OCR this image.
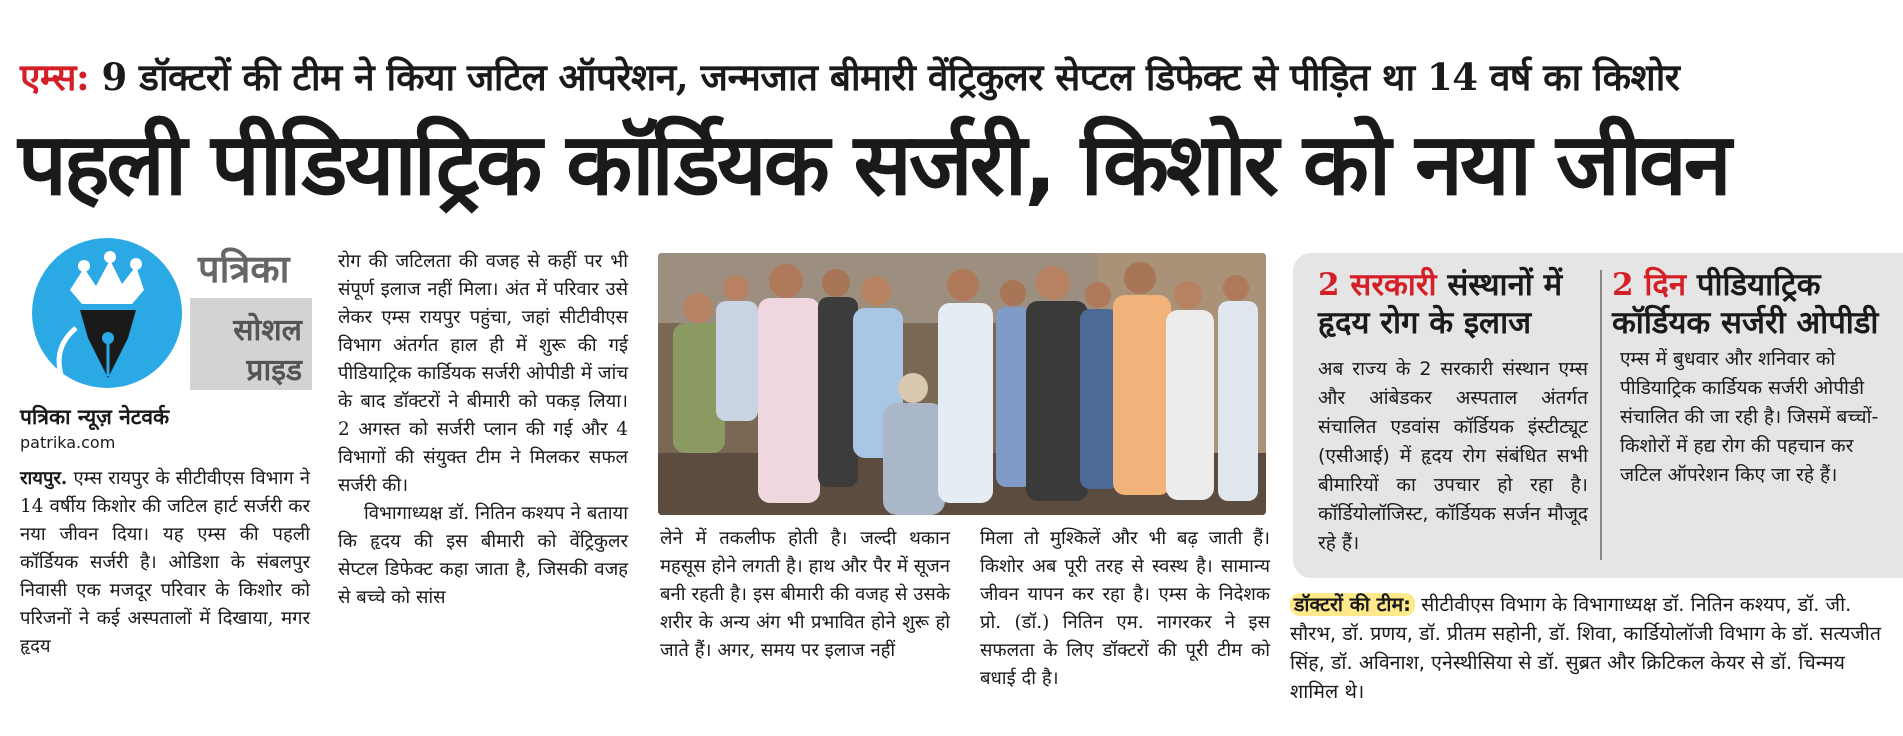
एम्स: 9 डॉक्टरों की टीम ने किया जटिल ऑपरेशन, जन्मजात बीमारी वेंट्रिकुलर सेप्टल डिफेक्ट से पीड़ित था 14 वर्ष का किशोर
पहली पीडियाट्रिक कॉर्डियक सर्जरी, किशोर को नया जीवन
पत्रिका
सोशल
प्राइड
पत्रिका न्यूज़ नेटवर्क
patrika.com
रायपुर. एम्स रायपुर के सीटीवीएस विभाग ने 14 वर्षीय किशोर की जटिल हार्ट सर्जरी कर नया जीवन दिया। यह एम्स की पहली कॉर्डियक सर्जरी है। ओडिशा के संबलपुर निवासी एक मजदूर परिवार के किशोर को परिजनों ने कई अस्पतालों में दिखाया, मगर हृदय
रोग की जटिलता की वजह से कहीं पर भी संपूर्ण इलाज नहीं मिला। अंत में परिवार उसे लेकर एम्स रायपुर पहुंचा, जहां सीटीवीएस विभाग अंतर्गत हाल ही में शुरू की गई पीडियाट्रिक कार्डियक सर्जरी ओपीडी में जांच के बाद डॉक्टरों ने बीमारी को पकड़ लिया। 2 अगस्त को सर्जरी प्लान की गई और 4 विभागों की संयुक्त टीम ने मिलकर सफल सर्जरी की।
विभागाध्यक्ष डॉ. नितिन कश्यप ने बताया कि हृदय की इस बीमारी को वेंट्रिकुलर सेप्टल डिफेक्ट कहा जाता है, जिसकी वजह से बच्चे को सांस
लेने में तकलीफ होती है। जल्दी थकान महसूस होने लगती है। हाथ और पैर में सूजन बनी रहती है। इस बीमारी की वजह से उसके शरीर के अन्य अंग भी प्रभावित होने शुरू हो जाते हैं। अगर, समय पर इलाज नहीं
मिला तो मुश्किलें और भी बढ़ जाती हैं। किशोर अब पूरी तरह से स्वस्थ है। सामान्य जीवन यापन कर रहा है। एम्स के निदेशक प्रो. (डॉ.) नितिन एम. नागरकर ने इस सफलता के लिए डॉक्टरों की पूरी टीम को बधाई दी है।
2 सरकारी संस्थानों में हृदय रोग के इलाज
अब राज्य के 2 सरकारी संस्थान एम्स और आंबेडकर अस्पताल अंतर्गत संचालित एडवांस कॉर्डियक इंस्टीट्यूट (एसीआई) में हृदय रोग संबंधित सभी बीमारियों का उपचार हो रहा है। कॉर्डियोलॉजिस्ट, कॉर्डियक सर्जन मौजूद रहे हैं।
2 दिन पीडियाट्रिक कॉर्डियक सर्जरी ओपीडी
एम्स में बुधवार और शनिवार को पीडियाट्रिक कार्डियक सर्जरी ओपीडी संचालित की जा रही है। जिसमें बच्चों-किशोरों में हद्य रोग की पहचान कर जटिल ऑपरेशन किए जा रहे हैं।
डॉक्टरों की टीम: सीटीवीएस विभाग के विभागाध्यक्ष डॉ. नितिन कश्यप, डॉ. जी. सौरभ, डॉ. प्रणय, डॉ. प्रीतम सहोनी, डॉ. शिवा, कार्डियोलॉजी विभाग के डॉ. सत्यजीत सिंह, डॉ. अविनाश, एनेस्थीसिया से डॉ. सुब्रत और क्रिटिकल केयर से डॉ. चिन्मय शामिल थे।
